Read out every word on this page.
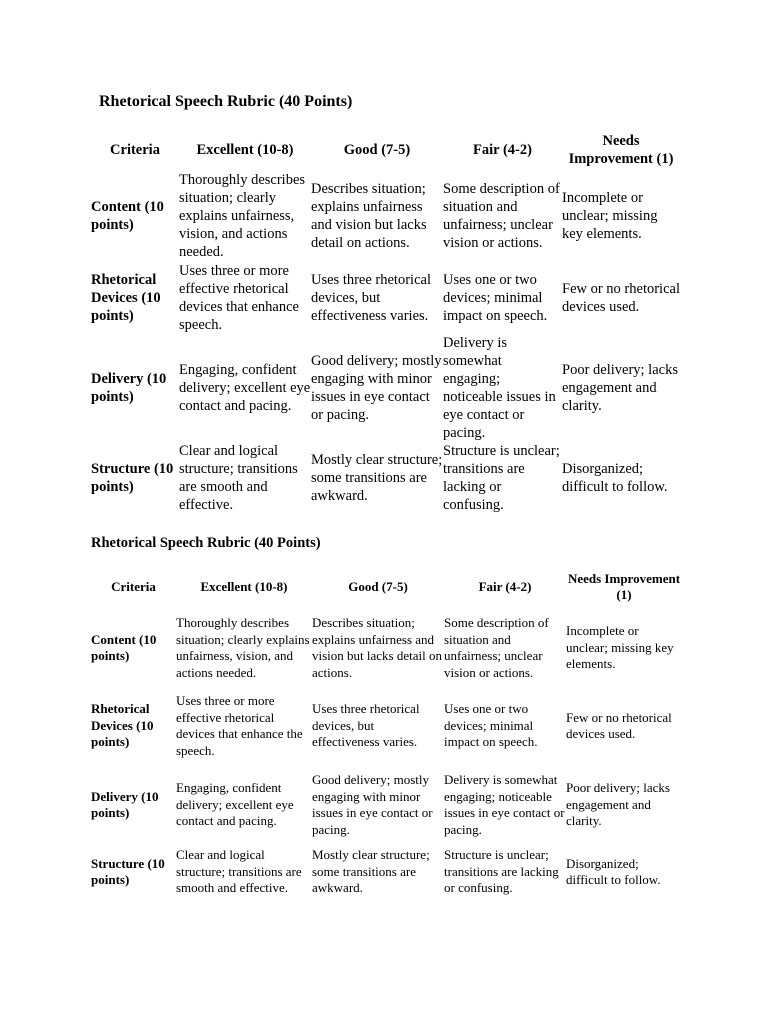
Rhetorical Speech Rubric (40 Points)
Criteria	Excellent (10-8)	Good (7-5)	Fair (4-2)	Needs Improvement (1)
Content (10 points)	Thoroughly describes situation; clearly explains unfairness, vision, and actions needed.	Describes situation; explains unfairness and vision but lacks detail on actions.	Some description of situation and unfairness; unclear vision or actions.	Incomplete or unclear; missing key elements.
Rhetorical Devices (10 points)	Uses three or more effective rhetorical devices that enhance speech.	Uses three rhetorical devices, but effectiveness varies.	Uses one or two devices; minimal impact on speech.	Few or no rhetorical devices used.
Delivery (10 points)	Engaging, confident delivery; excellent eye contact and pacing.	Good delivery; mostly engaging with minor issues in eye contact or pacing.	Delivery is somewhat engaging; noticeable issues in eye contact or pacing.	Poor delivery; lacks engagement and clarity.
Structure (10 points)	Clear and logical structure; transitions are smooth and effective.	Mostly clear structure; some transitions are awkward.	Structure is unclear; transitions are lacking or confusing.	Disorganized; difficult to follow.
Rhetorical Speech Rubric (40 Points)
Criteria	Excellent (10-8)	Good (7-5)	Fair (4-2)	Needs Improvement (1)
Content (10 points)	Thoroughly describes situation; clearly explains unfairness, vision, and actions needed.	Describes situation; explains unfairness and vision but lacks detail on actions.	Some description of situation and unfairness; unclear vision or actions.	Incomplete or unclear; missing key elements.
Rhetorical Devices (10 points)	Uses three or more effective rhetorical devices that enhance the speech.	Uses three rhetorical devices, but effectiveness varies.	Uses one or two devices; minimal impact on speech.	Few or no rhetorical devices used.
Delivery (10 points)	Engaging, confident delivery; excellent eye contact and pacing.	Good delivery; mostly engaging with minor issues in eye contact or pacing.	Delivery is somewhat engaging; noticeable issues in eye contact or pacing.	Poor delivery; lacks engagement and clarity.
Structure (10 points)	Clear and logical structure; transitions are smooth and effective.	Mostly clear structure; some transitions are awkward.	Structure is unclear; transitions are lacking or confusing.	Disorganized; difficult to follow.
